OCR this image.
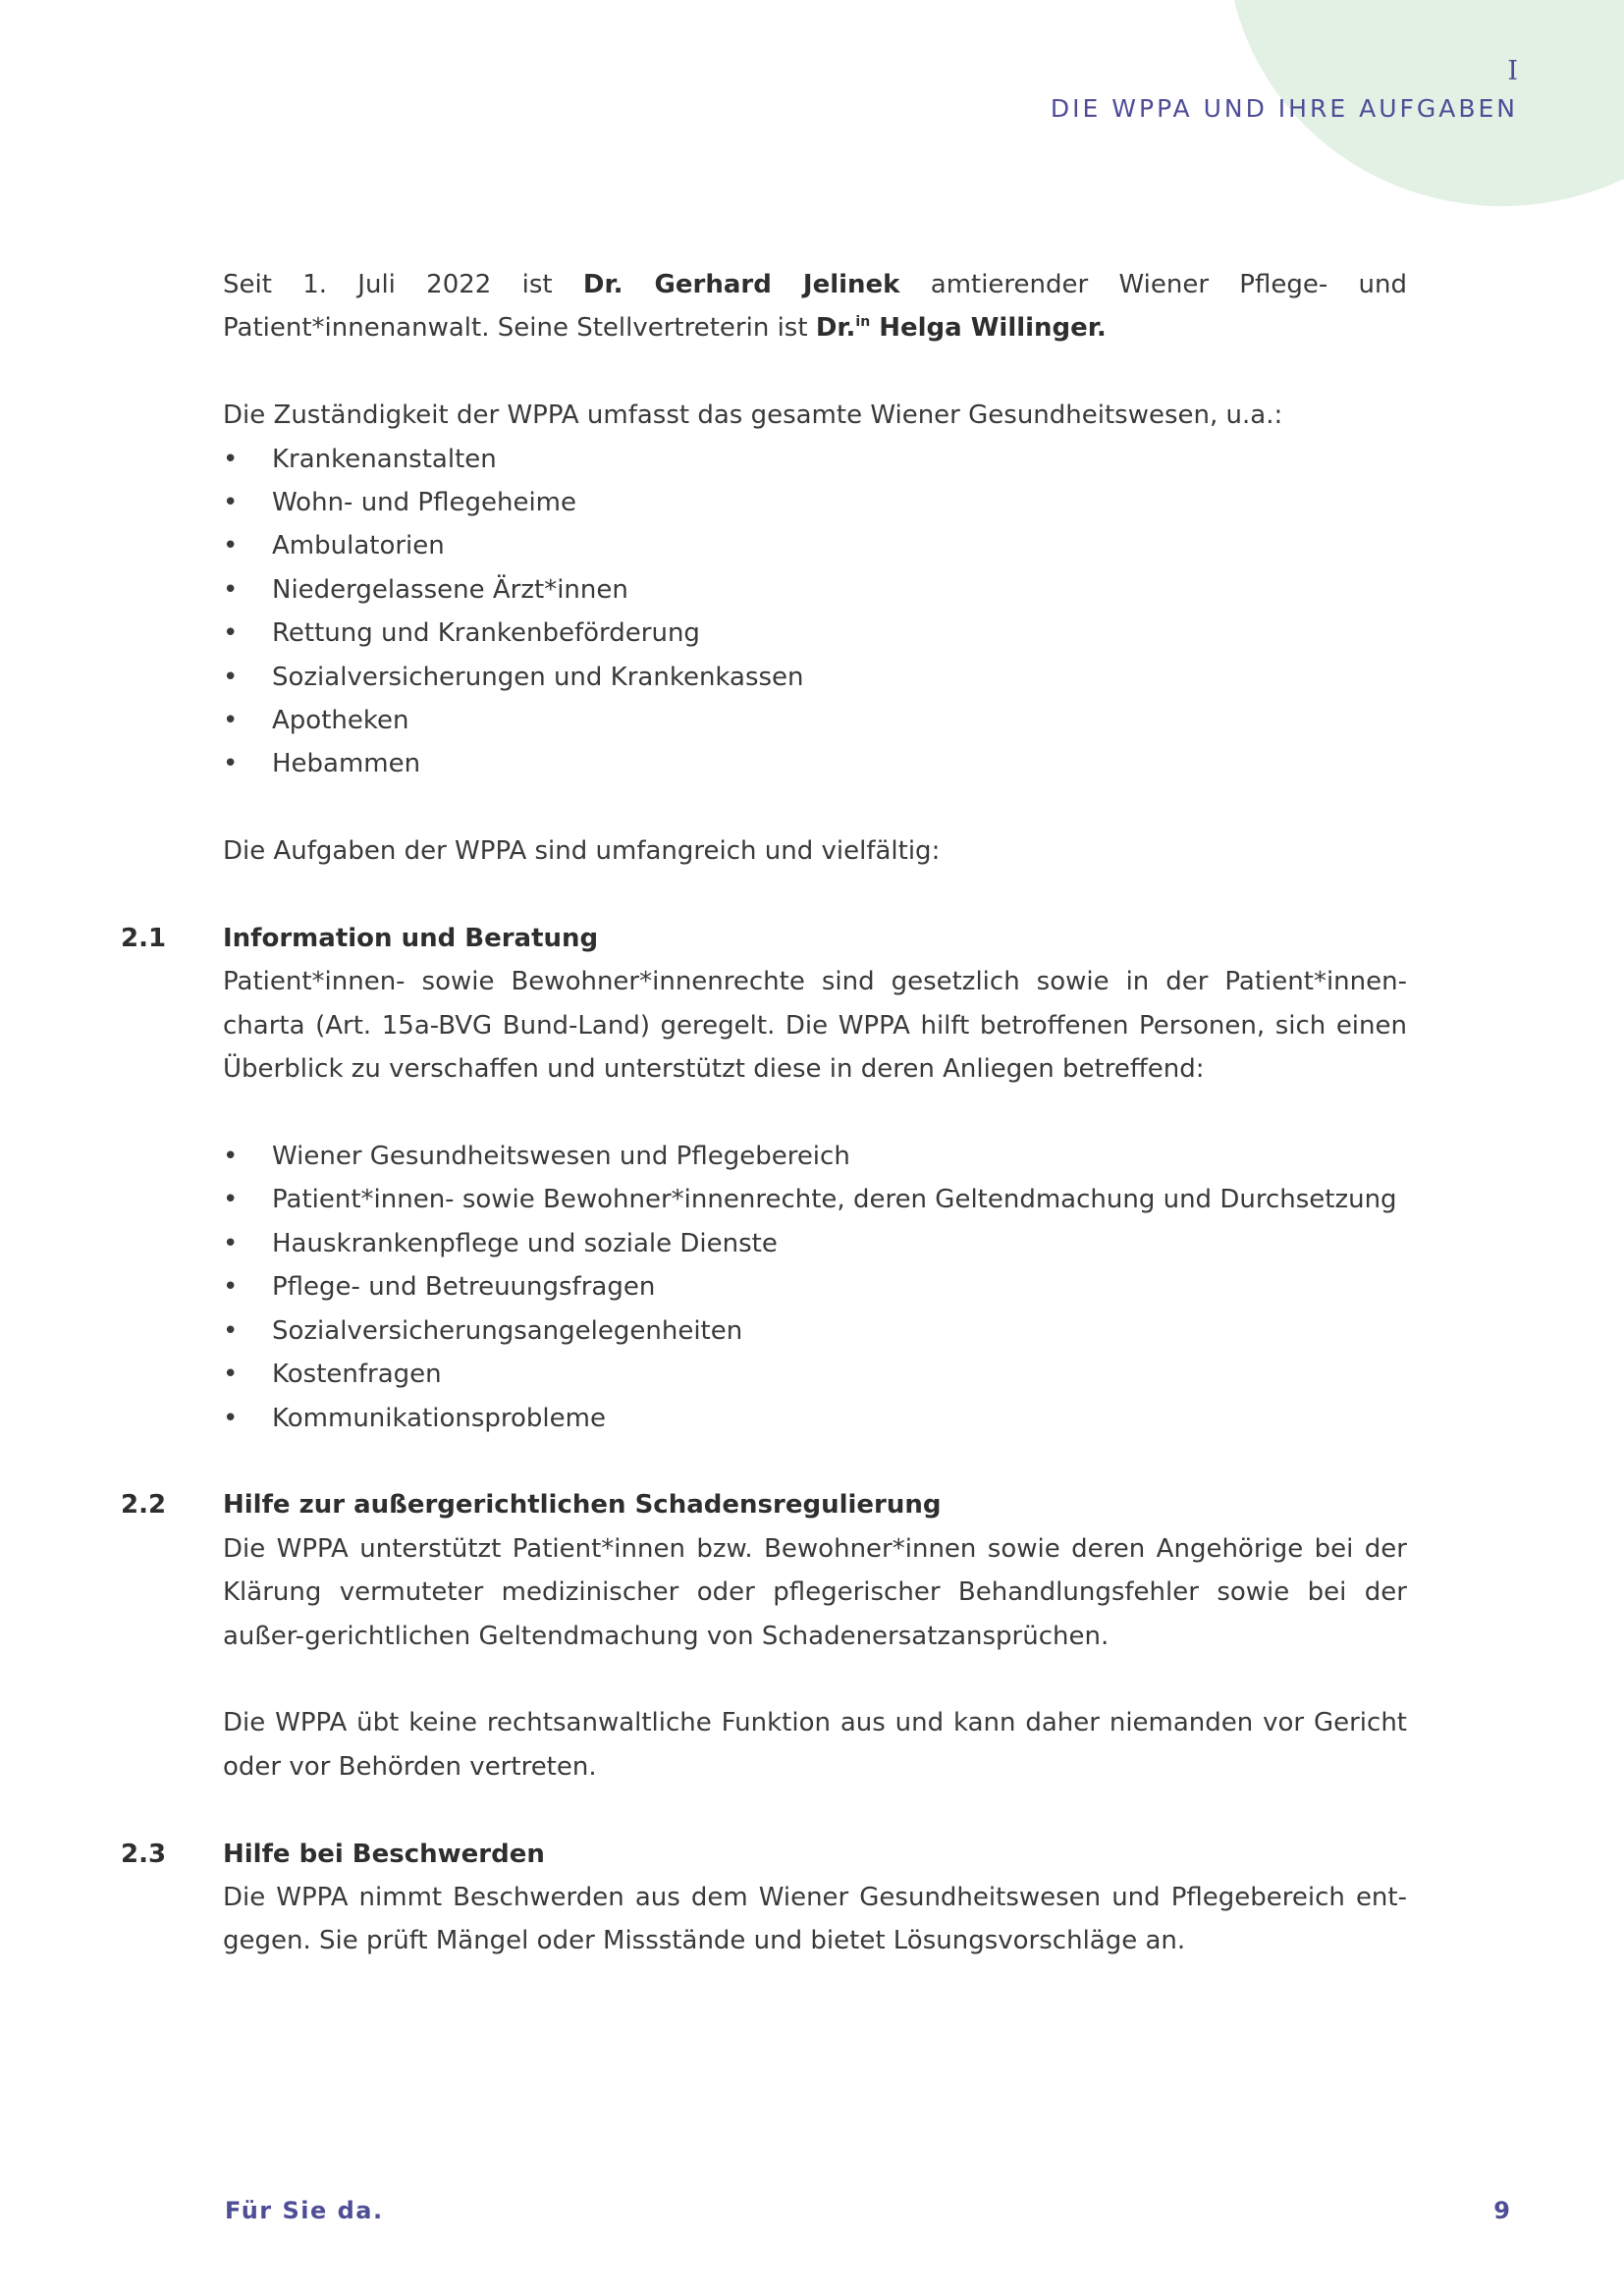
I
DIE WPPA UND IHRE AUFGABEN

Seit 1. Juli 2022 ist Dr. Gerhard Jelinek amtierender Wiener Pflege- und Patient*innenanwalt. Seine Stellvertreterin ist Dr.$^{in}$ Helga Willinger.

Die Zuständigkeit der WPPA umfasst das gesamte Wiener Gesundheitswesen, u.a.:

• Krankenanstalten
• Wohn- und Pflegeheime
• Ambulatorien
• Niedergelassene Ärzt*innen
• Rettung und Krankenbeförderung
• Sozialversicherungen und Krankenkassen
• Apotheken
• Hebammen

Die Aufgaben der WPPA sind umfangreich und vielfältig:

2.1 Information und Beratung

Patient*innen- sowie Bewohner*innenrechte sind gesetzlich sowie in der Patient*innen-charta (Art. 15a-BVG Bund-Land) geregelt. Die WPPA hilft betroffenen Personen, sich einen Überblick zu verschaffen und unterstützt diese in deren Anliegen betreffend:

• Wiener Gesundheitswesen und Pflegebereich
• Patient*innen- sowie Bewohner*innenrechte, deren Geltendmachung und Durchsetzung
• Hauskrankenpflege und soziale Dienste
• Pflege- und Betreuungsfragen
• Sozialversicherungsangelegenheiten
• Kostenfragen
• Kommunikationsprobleme
2.2 Hilfe zur außergerichtlichen Schadensregulierung

Die WPPA unterstützt Patient*innen bzw. Bewohner*innen sowie deren Angehörige bei der Klärung vermuteter medizinischer oder pflegerischer Behandlungsfehler sowie bei der außer-gerichtlichen Geltendmachung von Schadenersatzansprüchen.

Die WPPA übt keine rechtsanwaltliche Funktion aus und kann daher niemanden vor Gericht oder vor Behörden vertreten.

2.3 Hilfe bei Beschwerden

Die WPPA nimmt Beschwerden aus dem Wiener Gesundheitswesen und Pflegebereich ent-gegen. Sie prüft Mängel oder Missstände und bietet Lösungsvorschläge an.

Für Sie da.	9
